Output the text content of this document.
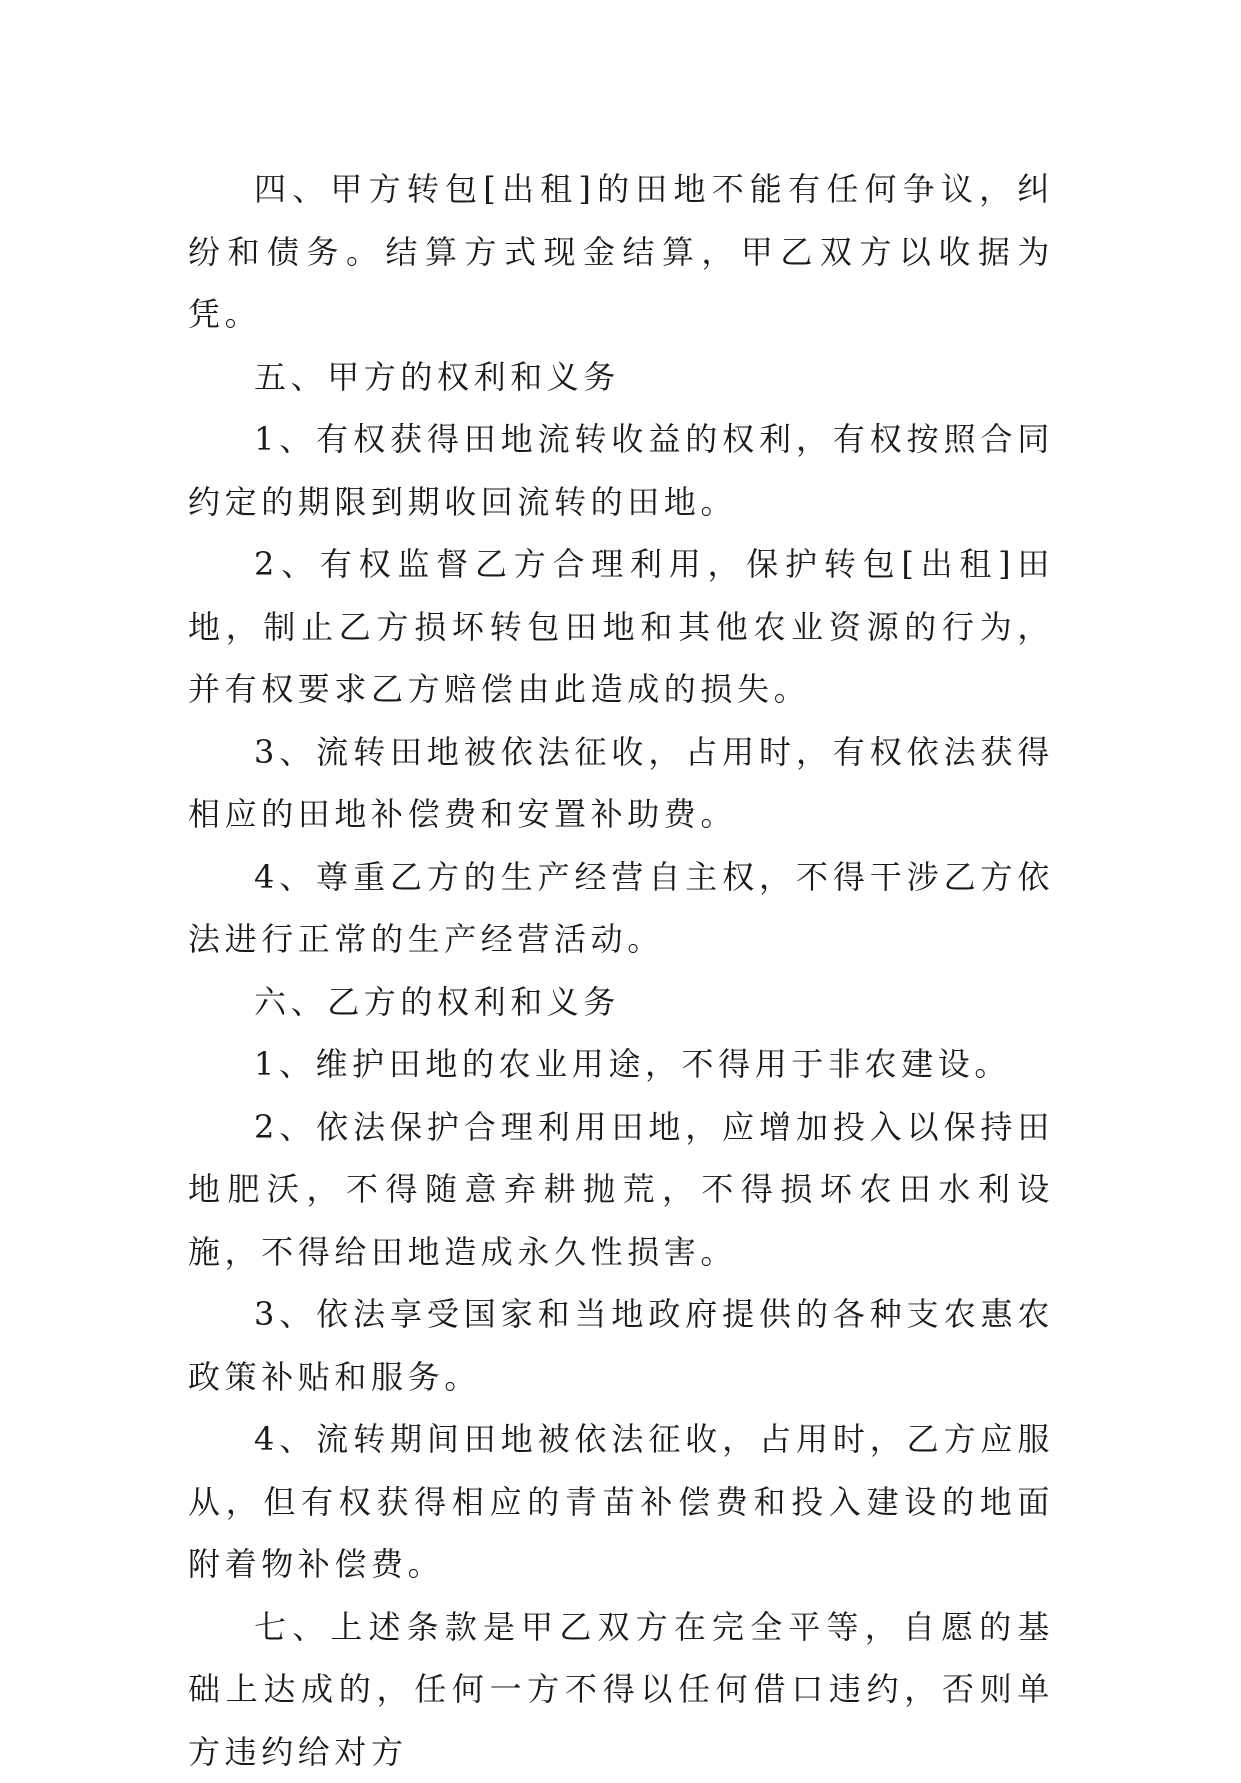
四、甲方转包[出租]的田地不能有任何争议，纠纷和债务。结算方式现金结算，甲乙双方以收据为凭。

五、甲方的权利和义务

1、有权获得田地流转收益的权利，有权按照合同约定的期限到期收回流转的田地。

2、有权监督乙方合理利用，保护转包[出租]田地，制止乙方损坏转包田地和其他农业资源的行为，并有权要求乙方赔偿由此造成的损失。

3、流转田地被依法征收，占用时，有权依法获得相应的田地补偿费和安置补助费。

4、尊重乙方的生产经营自主权，不得干涉乙方依法进行正常的生产经营活动。

六、乙方的权利和义务

1、维护田地的农业用途，不得用于非农建设。

2、依法保护合理利用田地，应增加投入以保持田地肥沃，不得随意弃耕抛荒，不得损坏农田水利设施，不得给田地造成永久性损害。

3、依法享受国家和当地政府提供的各种支农惠农政策补贴和服务。

4、流转期间田地被依法征收，占用时，乙方应服从，但有权获得相应的青苗补偿费和投入建设的地面附着物补偿费。

七、上述条款是甲乙双方在完全平等，自愿的基础上达成的，任何一方不得以任何借口违约，否则单方违约给对方
